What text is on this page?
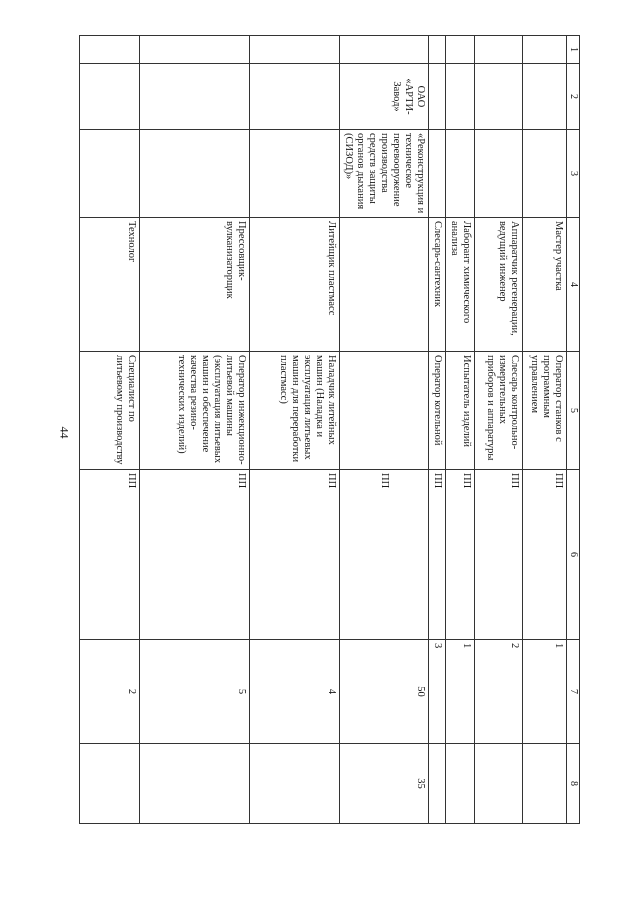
44
1	2	3	4	5	6	7	8
			Мастер участка	Оператор станков с программным управлением	ПП	1	
			Аппаратчик регенерации, ведущий инженер	Слесарь контрольно-измерительных приборов и аппаратуры	ПП	2	
			Лаборант химического анализа	Испытатель изделий	ПП	1	
			Слесарь-сантехник	Оператор котельной	ПП	3	
	ОАО «АРТИ-Завод»	«Реконструкция и техническое перевооружение производства средств защиты органов дыхания (СИЗОД)»			ПП	50	35
			Литейщик пластмасс	Наладчик литейных машин (Наладка и эксплуатация литьевых машин для переработки пластмасс)	ПП	4	
			Прессовщик-вулканизаторщик	Оператор инжекционно-литьевой машины (эксплуатация литьевых машин и обеспечение качества резино-технических изделий)	ПП	5	
			Технолог	Специалист по литьевому производству	ПП	2	
